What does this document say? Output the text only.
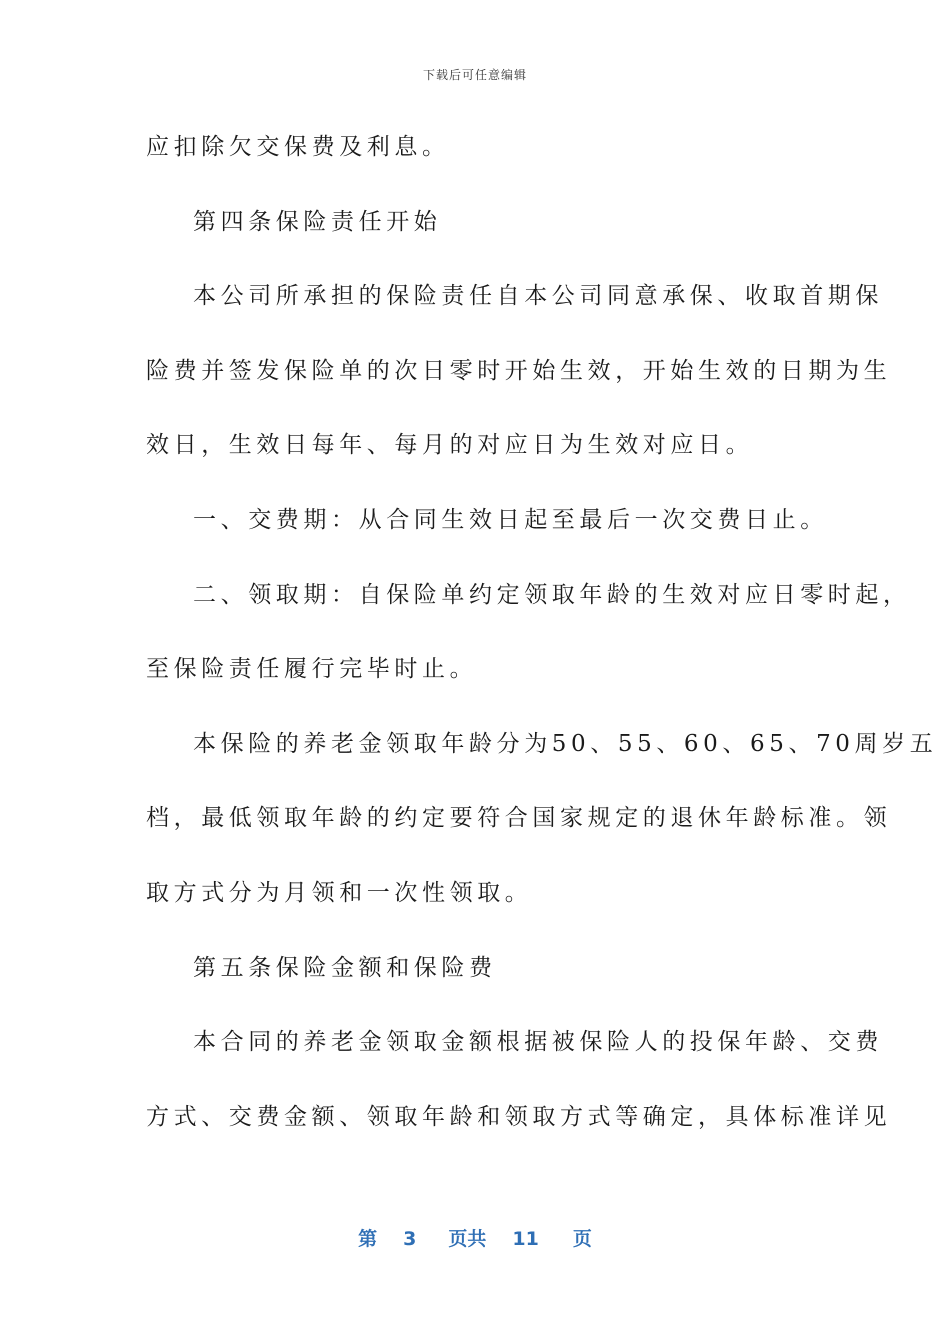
下载后可任意编辑

应扣除欠交保费及利息。

第四条保险责任开始

本公司所承担的保险责任自本公司同意承保、收取首期保

险费并签发保险单的次日零时开始生效，开始生效的日期为生

效日，生效日每年、每月的对应日为生效对应日。

一、交费期：从合同生效日起至最后一次交费日止。

二、领取期：自保险单约定领取年龄的生效对应日零时起，

至保险责任履行完毕时止。

本保险的养老金领取年龄分为50、55、60、65、70周岁五

档，最低领取年龄的约定要符合国家规定的退休年龄标准。领

取方式分为月领和一次性领取。

第五条保险金额和保险费

本合同的养老金领取金额根据被保险人的投保年龄、交费

方式、交费金额、领取年龄和领取方式等确定，具体标准详见

第 3 页共 11 页
